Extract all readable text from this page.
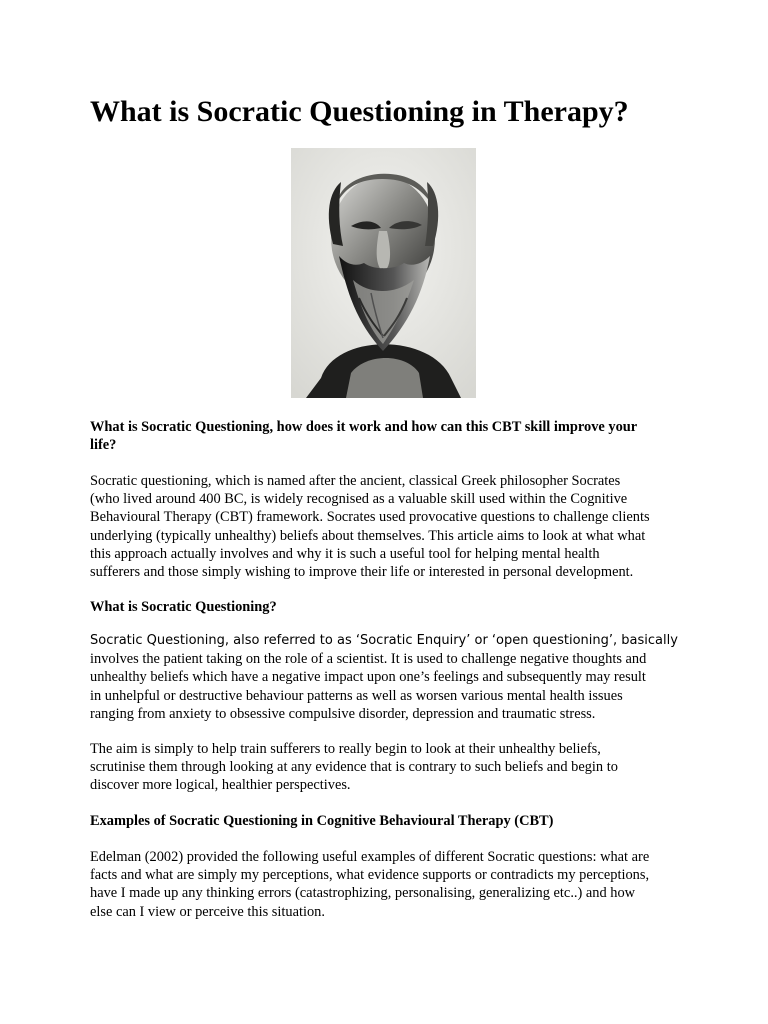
What is Socratic Questioning in Therapy?
What is Socratic Questioning, how does it work and how can this CBT skill improve your
life?
Socratic questioning, which is named after the ancient, classical Greek philosopher Socrates
(who lived around 400 BC, is widely recognised as a valuable skill used within the Cognitive
Behavioural Therapy (CBT) framework. Socrates used provocative questions to challenge clients
underlying (typically unhealthy) beliefs about themselves. This article aims to look at what what
this approach actually involves and why it is such a useful tool for helping mental health
sufferers and those simply wishing to improve their life or interested in personal development.
What is Socratic Questioning?
Socratic Questioning, also referred to as ‘Socratic Enquiry’ or ‘open questioning’, basically
involves the patient taking on the role of a scientist. It is used to challenge negative thoughts and
unhealthy beliefs which have a negative impact upon one’s feelings and subsequently may result
in unhelpful or destructive behaviour patterns as well as worsen various mental health issues
ranging from anxiety to obsessive compulsive disorder, depression and traumatic stress.
The aim is simply to help train sufferers to really begin to look at their unhealthy beliefs,
scrutinise them through looking at any evidence that is contrary to such beliefs and begin to
discover more logical, healthier perspectives.
Examples of Socratic Questioning in Cognitive Behavioural Therapy (CBT)
Edelman (2002) provided the following useful examples of different Socratic questions: what are
facts and what are simply my perceptions, what evidence supports or contradicts my perceptions,
have I made up any thinking errors (catastrophizing, personalising, generalizing etc..) and how
else can I view or perceive this situation.
